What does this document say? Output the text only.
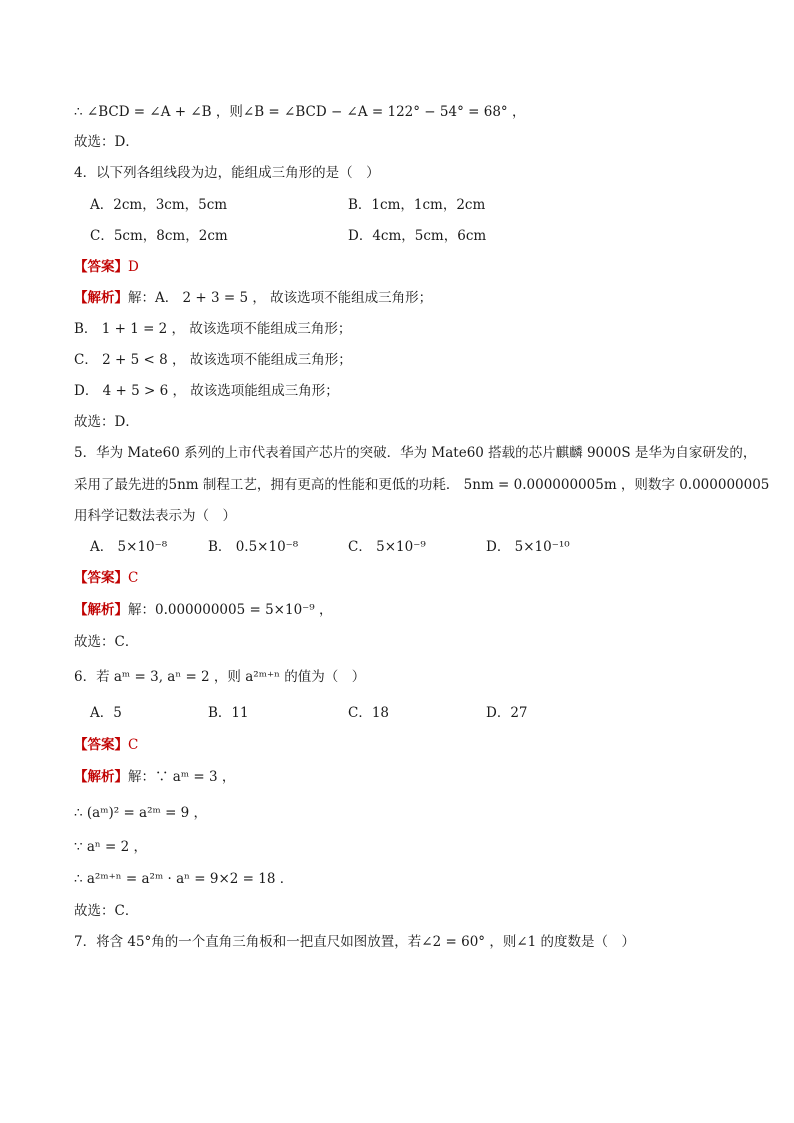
∴ ∠BCD = ∠A + ∠B ，则∠B = ∠BCD − ∠A = 122° − 54° = 68° ，
故选：D．
4．以下列各组线段为边，能组成三角形的是（　）
A．2cm，3cm，5cm	B．1cm，1cm，2cm
C．5cm，8cm，2cm	D．4cm，5cm，6cm
【答案】D
【解析】解：A． 2 + 3 = 5 ， 故该选项不能组成三角形；
B． 1 + 1 = 2 ， 故该选项不能组成三角形；
C． 2 + 5 < 8 ， 故该选项不能组成三角形；
D． 4 + 5 > 6 ， 故该选项能组成三角形；
故选：D．
5．华为 Mate60 系列的上市代表着国产芯片的突破．华为 Mate60 搭载的芯片麒麟 9000S 是华为自家研发的，
采用了最先进的5nm 制程工艺，拥有更高的性能和更低的功耗． 5nm = 0.000000005m ，则数字 0.000000005
用科学记数法表示为（　）
A． 5×10⁻⁸	B． 0.5×10⁻⁸	C． 5×10⁻⁹	D． 5×10⁻¹⁰
【答案】C
【解析】解：0.000000005 = 5×10⁻⁹ ，
故选：C．
6．若 aᵐ = 3, aⁿ = 2 ，则 a²ᵐ⁺ⁿ 的值为（　）
A．5	B．11	C．18	D．27
【答案】C
【解析】解：∵ aᵐ = 3 ，
∴ (aᵐ)² = a²ᵐ = 9 ，
∵ aⁿ = 2 ，
∴ a²ᵐ⁺ⁿ = a²ᵐ · aⁿ = 9×2 = 18 ．
故选：C．
7．将含 45°角的一个直角三角板和一把直尺如图放置，若∠2 = 60° ，则∠1 的度数是（　）
